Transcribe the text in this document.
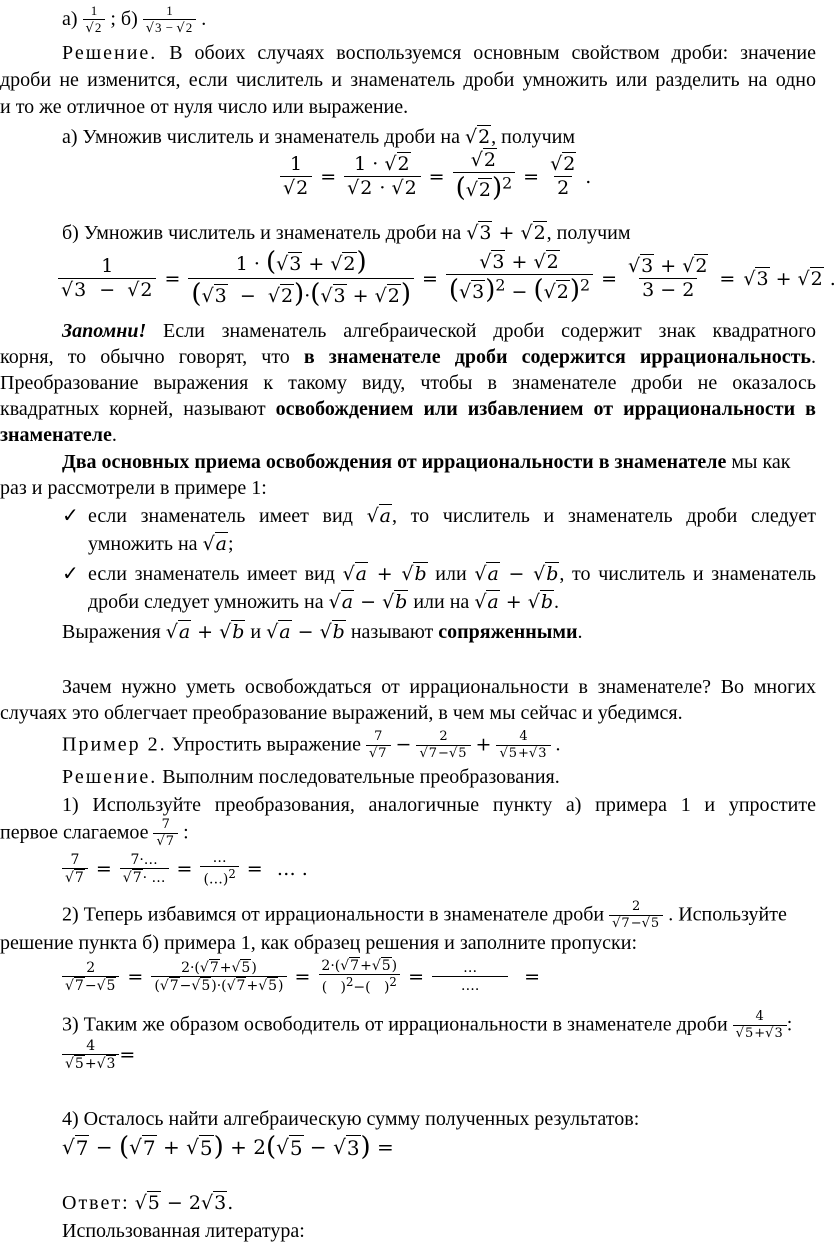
$а) \frac{1}{√2}$ ; $б) \frac{1}{√3 - √2}$ .
Решение. В обоих случаях воспользуемся основным свойством дроби: значение
дроби не изменится, если числитель и знаменатель дроби умножить или разделить на одно
и то же отличное от нуля число или выражение.
а) Умножив числитель и знаменатель дроби на √2, получим
$\frac{1}{√2} = \frac{1 \cdot √2}{√2 \cdot √2} = \frac{√2}{(√2)^2} = \frac{√2}{2}$ .
б) Умножив числитель и знаменатель дроби на √3 + √2, получим
$\frac{1}{√3 - √2} = \frac{1 \cdot (√3 + √2)}{(√3 - √2)\cdot(√3 + √2)} = \frac{√3 + √2}{(√3)^2 - (√2)^2} = \frac{√3 + √2}{3 - 2} = √3 + √2$ .
Запомни! Если знаменатель алгебраической дроби содержит знак квадратного
корня, то обычно говорят, что в знаменателе дроби содержится иррациональность.
Преобразование выражения к такому виду, чтобы в знаменателе дроби не оказалось
квадратных корней, называют освобождением или избавлением от иррациональности в
знаменателе.
Два основных приема освобождения от иррациональности в знаменателе мы как
раз и рассмотрели в примере 1:
✓ если знаменатель имеет вид √a, то числитель и знаменатель дроби следует
умножить на √a;
✓ если знаменатель имеет вид √a + √b или √a − √b, то числитель и знаменатель
дроби следует умножить на √a − √b или на √a + √b.
Выражения √a + √b и √a − √b называют сопряженными.
Зачем нужно уметь освобождаться от иррациональности в знаменателе? Во многих
случаях это облегчает преобразование выражений, в чем мы сейчас и убедимся.
Пример 2. Упростить выражение $\frac{7}{√7} - \frac{2}{√7-√5} + \frac{4}{√5+√3}$ .
Решение. Выполним последовательные преобразования.
1) Используйте преобразования, аналогичные пункту а) примера 1 и упростите
первое слагаемое $\frac{7}{√7}$ :
$\frac{7}{√7} = \frac{7\cdot\dots}{√7\cdot \dots} = \frac{\dots}{(\dots)^2}$ = … .
2) Теперь избавимся от иррациональности в знаменателе дроби $\frac{2}{√7-√5}$ . Используйте
решение пункта б) примера 1, как образец решения и заполните пропуски:
$\frac{2}{√7-√5} = \frac{2\cdot(√7+√5)}{(√7-√5)\cdot(√7+√5)} = \frac{2\cdot(√7+√5)}{( )^2-( )^2} = \frac{\dots}{\dots.}$ =
3) Таким же образом освободитель от иррациональности в знаменателе дроби $\frac{4}{√5+√3}$ :
$\frac{4}{√5+√3}$ =
4) Осталось найти алгебраическую сумму полученных результатов:
√ 7 − ( √ 7 + √ 5 ) + 2 ( √ 5 − √ 3 ) =
Ответ: √5 − 2√3.
Использованная литература:
